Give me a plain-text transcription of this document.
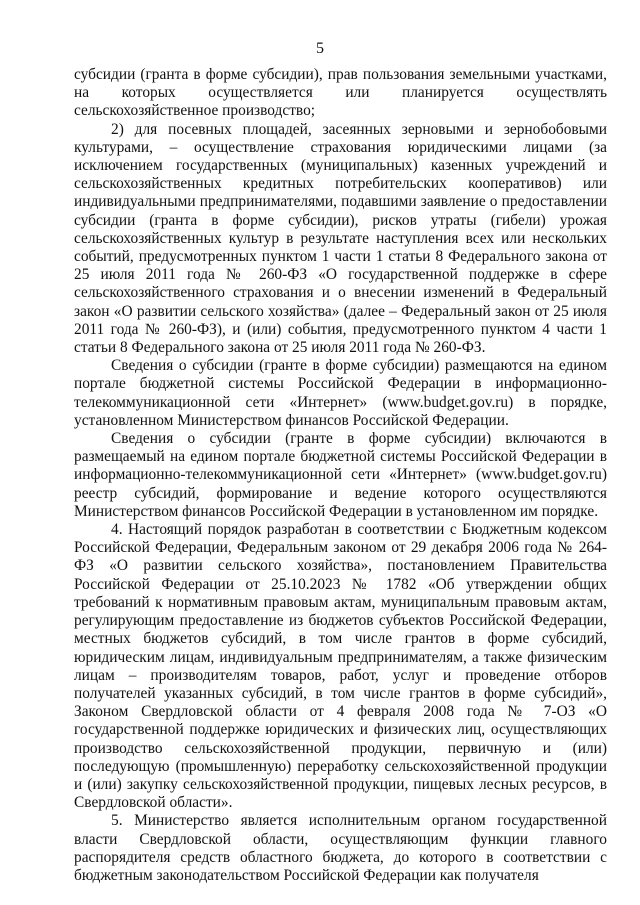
5

субсидии (гранта в форме субсидии), прав пользования земельными участками, на которых осуществляется или планируется осуществлять сельскохозяйственное производство;

2) для посевных площадей, засеянных зерновыми и зернобобовыми культурами, – осуществление страхования юридическими лицами (за исключением государственных (муниципальных) казенных учреждений и сельскохозяйственных кредитных потребительских кооперативов) или индивидуальными предпринимателями, подавшими заявление о предоставлении субсидии (гранта в форме субсидии), рисков утраты (гибели) урожая сельскохозяйственных культур в результате наступления всех или нескольких событий, предусмотренных пунктом 1 части 1 статьи 8 Федерального закона от 25 июля 2011 года № 260-ФЗ «О государственной поддержке в сфере сельскохозяйственного страхования и о внесении изменений в Федеральный закон «О развитии сельского хозяйства» (далее – Федеральный закон от 25 июля 2011 года № 260-ФЗ), и (или) события, предусмотренного пунктом 4 части 1 статьи 8 Федерального закона от 25 июля 2011 года № 260-ФЗ.

Сведения о субсидии (гранте в форме субсидии) размещаются на едином портале бюджетной системы Российской Федерации в информационно-телекоммуникационной сети «Интернет» (www.budget.gov.ru) в порядке, установленном Министерством финансов Российской Федерации.

Сведения о субсидии (гранте в форме субсидии) включаются в размещаемый на едином портале бюджетной системы Российской Федерации в информационно-телекоммуникационной сети «Интернет» (www.budget.gov.ru) реестр субсидий, формирование и ведение которого осуществляются Министерством финансов Российской Федерации в установленном им порядке.

4. Настоящий порядок разработан в соответствии с Бюджетным кодексом Российской Федерации, Федеральным законом от 29 декабря 2006 года № 264-ФЗ «О развитии сельского хозяйства», постановлением Правительства Российской Федерации от 25.10.2023 № 1782 «Об утверждении общих требований к нормативным правовым актам, муниципальным правовым актам, регулирующим предоставление из бюджетов субъектов Российской Федерации, местных бюджетов субсидий, в том числе грантов в форме субсидий, юридическим лицам, индивидуальным предпринимателям, а также физическим лицам – производителям товаров, работ, услуг и проведение отборов получателей указанных субсидий, в том числе грантов в форме субсидий», Законом Свердловской области от 4 февраля 2008 года № 7-ОЗ «О государственной поддержке юридических и физических лиц, осуществляющих производство сельскохозяйственной продукции, первичную и (или) последующую (промышленную) переработку сельскохозяйственной продукции и (или) закупку сельскохозяйственной продукции, пищевых лесных ресурсов, в Свердловской области».

5. Министерство является исполнительным органом государственной власти Свердловской области, осуществляющим функции главного распорядителя средств областного бюджета, до которого в соответствии с бюджетным законодательством Российской Федерации как получателя
